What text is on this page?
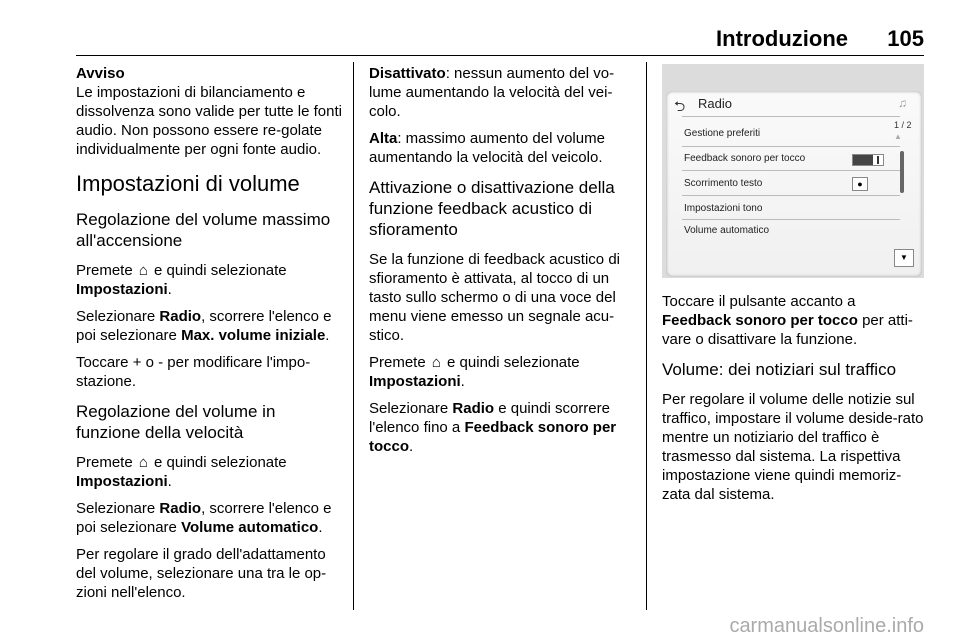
Introduzione 105

Avviso
Le impostazioni di bilanciamento e dissolvenza sono valide per tutte le fonti audio. Non possono essere re-golate individualmente per ogni fonte audio.

Impostazioni di volume
Regolazione del volume massimo all'accensione

Premete ⌂ e quindi selezionate Impostazioni.

Selezionare Radio, scorrere l'elenco e poi selezionare Max. volume iniziale.

Toccare + o - per modificare l'impo-stazione.

Regolazione del volume in funzione della velocità

Premete ⌂ e quindi selezionate Impostazioni.

Selezionare Radio, scorrere l'elenco e poi selezionare Volume automatico.

Per regolare il grado dell'adattamento del volume, selezionare una tra le op-zioni nell'elenco.

Disattivato: nessun aumento del vo-lume aumentando la velocità del vei-colo.

Alta: massimo aumento del volume aumentando la velocità del veicolo.

Attivazione o disattivazione della funzione feedback acustico di sfioramento

Se la funzione di feedback acustico di sfioramento è attivata, al tocco di un tasto sullo schermo o di una voce del menu viene emesso un segnale acu-stico.

Premete ⌂ e quindi selezionate Impostazioni.

Selezionare Radio e quindi scorrere l'elenco fino a Feedback sonoro per tocco.

⮌ Radio	♫
Gestione preferiti
Feedback sonoro per tocco
Scorrimento testo	●
Impostazioni tono
Volume automatico
1 / 2
▲
▼

Toccare il pulsante accanto a Feedback sonoro per tocco per atti-vare o disattivare la funzione.

Volume: dei notiziari sul traffico

Per regolare il volume delle notizie sul traffico, impostare il volume deside-rato mentre un notiziario del traffico è trasmesso dal sistema. La rispettiva impostazione viene quindi memoriz-zata dal sistema.

carmanualsonline.info
